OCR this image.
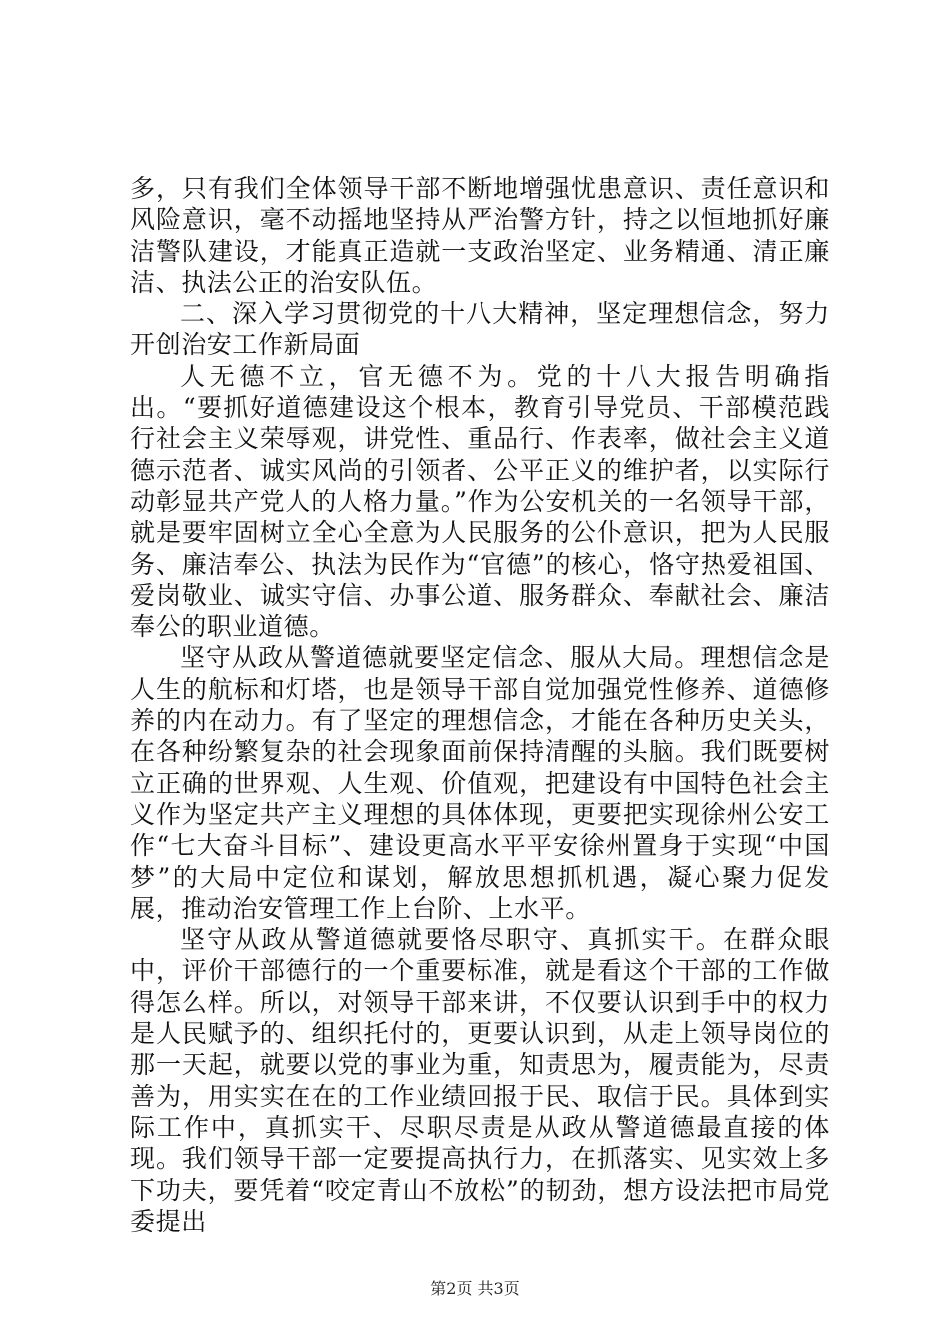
多，只有我们全体领导干部不断地增强忧患意识、责任意识和风险意识，毫不动摇地坚持从严治警方针，持之以恒地抓好廉洁警队建设，才能真正造就一支政治坚定、业务精通、清正廉洁、执法公正的治安队伍。

二、深入学习贯彻党的十八大精神，坚定理想信念，努力开创治安工作新局面

人无德不立，官无德不为。党的十八大报告明确指出。“要抓好道德建设这个根本，教育引导党员、干部模范践行社会主义荣辱观，讲党性、重品行、作表率，做社会主义道德示范者、诚实风尚的引领者、公平正义的维护者，以实际行动彰显共产党人的人格力量。”作为公安机关的一名领导干部，就是要牢固树立全心全意为人民服务的公仆意识，把为人民服务、廉洁奉公、执法为民作为“官德”的核心，恪守热爱祖国、爱岗敬业、诚实守信、办事公道、服务群众、奉献社会、廉洁奉公的职业道德。

坚守从政从警道德就要坚定信念、服从大局。理想信念是人生的航标和灯塔，也是领导干部自觉加强党性修养、道德修养的内在动力。有了坚定的理想信念，才能在各种历史关头，在各种纷繁复杂的社会现象面前保持清醒的头脑。我们既要树立正确的世界观、人生观、价值观，把建设有中国特色社会主义作为坚定共产主义理想的具体体现，更要把实现徐州公安工作“七大奋斗目标”、建设更高水平平安徐州置身于实现“中国梦”的大局中定位和谋划，解放思想抓机遇，凝心聚力促发展，推动治安管理工作上台阶、上水平。

坚守从政从警道德就要恪尽职守、真抓实干。在群众眼中，评价干部德行的一个重要标准，就是看这个干部的工作做得怎么样。所以，对领导干部来讲，不仅要认识到手中的权力是人民赋予的、组织托付的，更要认识到，从走上领导岗位的那一天起，就要以党的事业为重，知责思为，履责能为，尽责善为，用实实在在的工作业绩回报于民、取信于民。具体到实际工作中，真抓实干、尽职尽责是从政从警道德最直接的体现。我们领导干部一定要提高执行力，在抓落实、见实效上多下功夫，要凭着“咬定青山不放松”的韧劲，想方设法把市局党委提出

第2页 共3页
